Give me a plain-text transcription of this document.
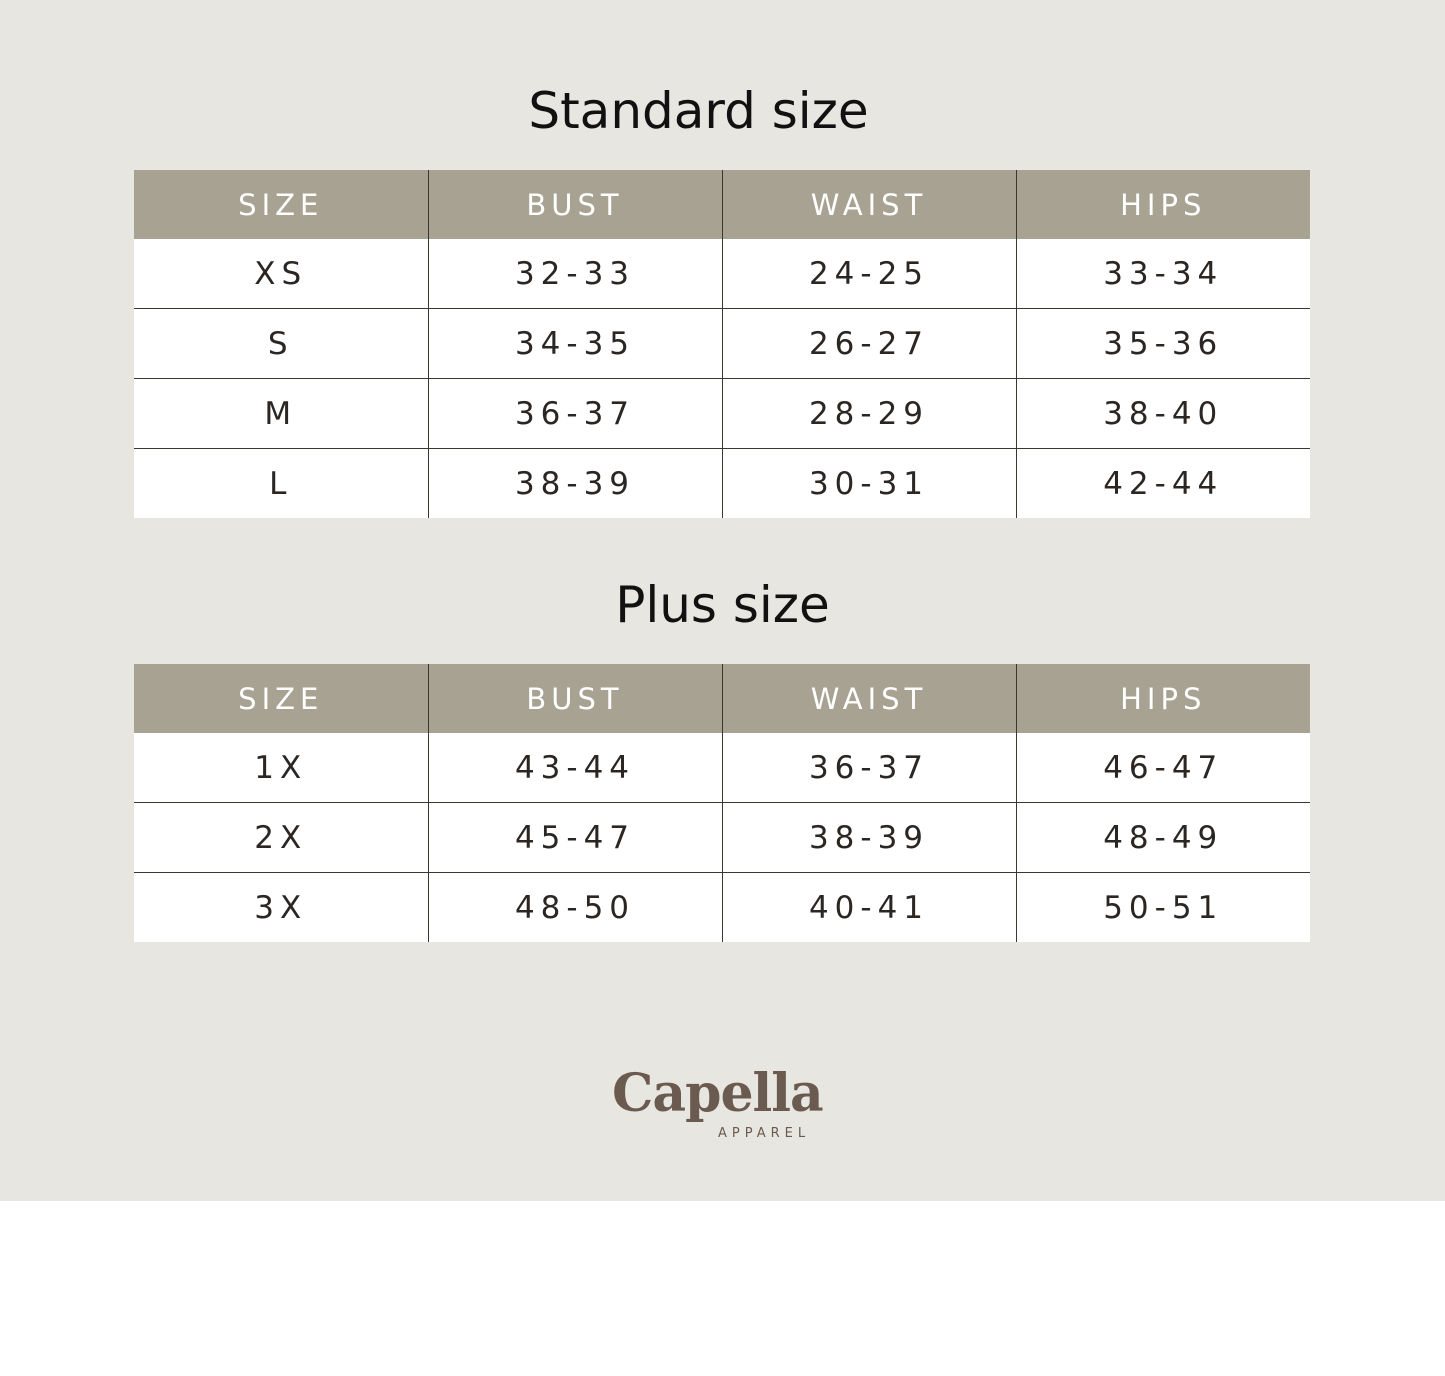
Standard size
SIZE	BUST	WAIST	HIPS
XS	32-33	24-25	33-34
S	34-35	26-27	35-36
M	36-37	28-29	38-40
L	38-39	30-31	42-44
Plus size
SIZE	BUST	WAIST	HIPS
1X	43-44	36-37	46-47
2X	45-47	38-39	48-49
3X	48-50	40-41	50-51
Capella
APPAREL
